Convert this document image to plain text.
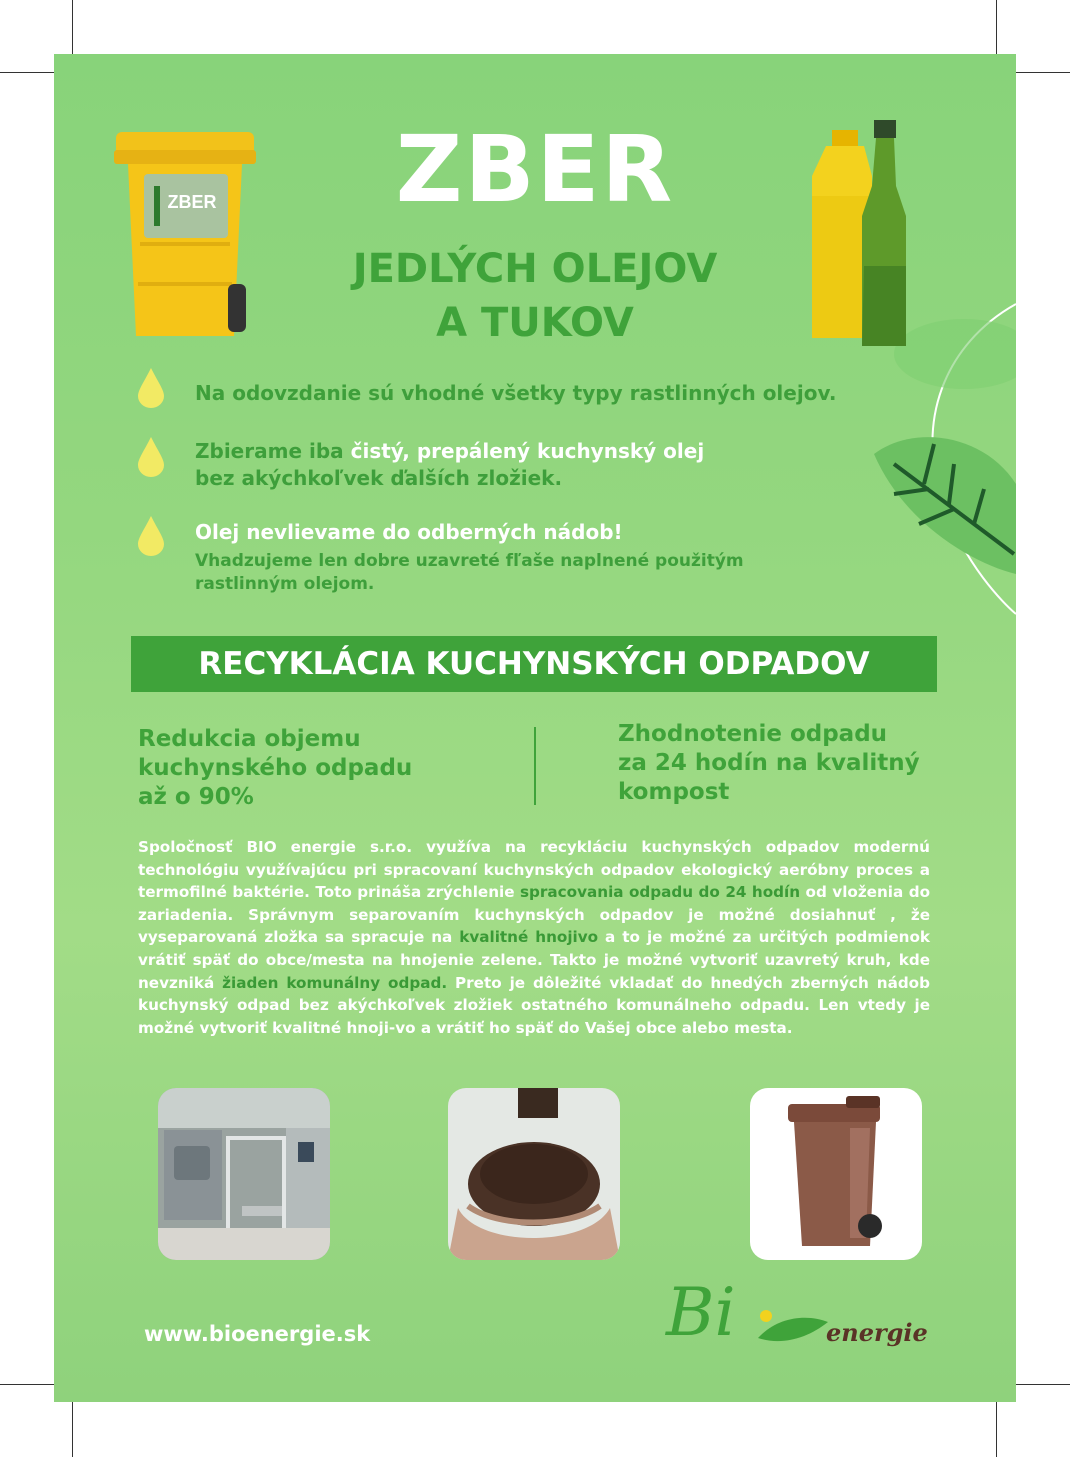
ZBER	ZBER
JEDLÝCH OLEJOV
A TUKOV
Na odovzdanie sú vhodné všetky typy rastlinných olejov.
Zbierame iba čistý, prepálený kuchynský olej
bez akýchkoľvek ďalších zložiek.
Olej nevlievame do odberných nádob!
Vhadzujeme len dobre uzavreté fľaše naplnené použitým
rastlinným olejom.
RECYKLÁCIA KUCHYNSKÝCH ODPADOV
Redukcia objemu
kuchynského odpadu
až o 90%
Zhodnotenie odpadu
za 24 hodín na kvalitný
kompost
Spoločnosť BIO energie s.r.o. využíva na recykláciu kuchynských odpadov modernú technológiu využívajúcu pri spracovaní kuchynských odpadov ekologický aeróbny proces a termofilné baktérie. Toto prináša zrýchlenie spracovania odpadu do 24 hodín od vloženia do zariadenia. Správnym separovaním kuchynských odpadov je možné dosiahnuť , že vyseparovaná zložka sa spracuje na kvalitné hnojivo a to je možné za určitých podmienok vrátiť späť do obce/mesta na hnojenie zelene. Takto je možné vytvoriť uzavretý kruh, kde nevzniká žiaden komunálny odpad. Preto je dôležité vkladať do hnedých zberných nádob kuchynský odpad bez akýchkoľvek zložiek ostatného komunálneho odpadu. Len vtedy je možné vytvoriť kvalitné hnoji-vo a vrátiť ho späť do Vašej obce alebo mesta.
www.bioenergie.sk	Bi	energie
